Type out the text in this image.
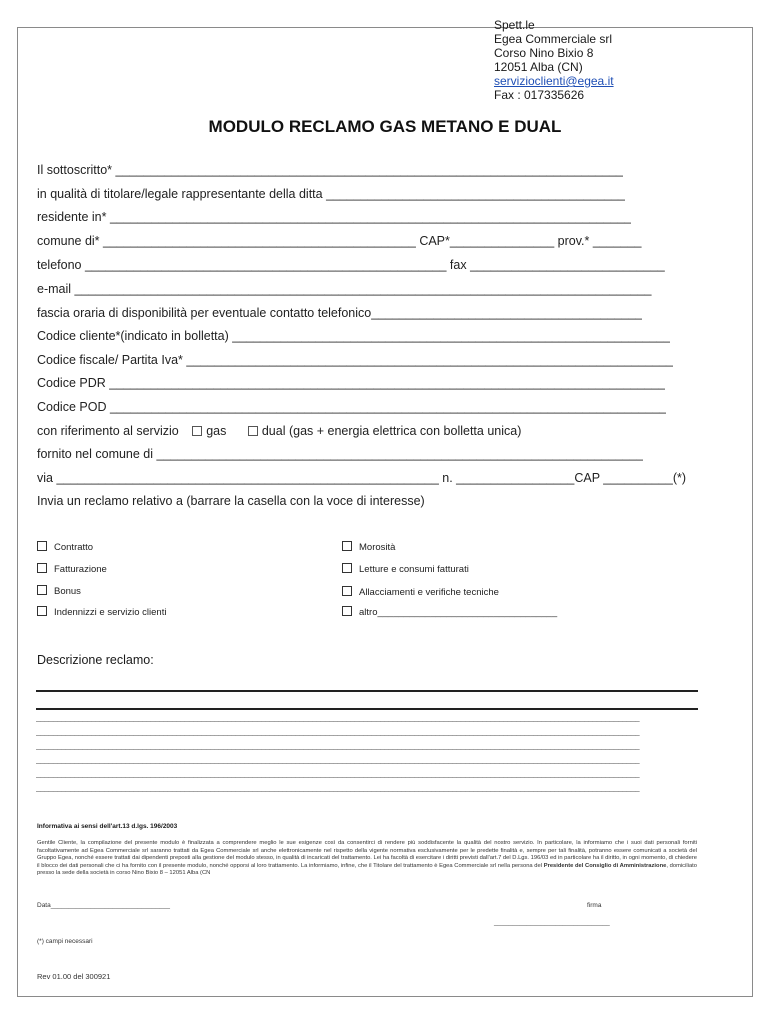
Spett.le
Egea Commerciale srl
Corso Nino Bixio 8
12051 Alba (CN)
servizioclienti@egea.it
Fax : 017335626
MODULO RECLAMO GAS METANO E DUAL
Il sottoscritto* _________________________________________________________________________
in qualità di titolare/legale rappresentante della ditta ___________________________________________
residente in* ___________________________________________________________________________
comune di* _____________________________________________ CAP*_______________ prov.* _______
telefono ____________________________________________________ fax ____________________________
e-mail ___________________________________________________________________________________
fascia oraria di disponibilità per eventuale contatto telefonico_______________________________________
Codice cliente*(indicato in bolletta) _______________________________________________________________
Codice fiscale/ Partita Iva* ______________________________________________________________________
Codice PDR ________________________________________________________________________________
Codice POD ________________________________________________________________________________
con riferimento al servizio gas	dual (gas + energia elettrica con bolletta unica)
fornito nel comune di ______________________________________________________________________
via _______________________________________________________ n. _________________CAP __________(*)
Invia un reclamo relativo a (barrare la casella con la voce di interesse)
Contratto
Fatturazione
Bonus
Indennizzi e servizio clienti
Morosità
Letture e consumi fatturati
Allacciamenti e verifiche tecniche
altro__________________________________
Descrizione reclamo:
______________________________________________________________________________________________________________________________________________
______________________________________________________________________________________________________________________________________________
______________________________________________________________________________________________________________________________________________
______________________________________________________________________________________________________________________________________________
______________________________________________________________________________________________________________________________________________
______________________________________________________________________________________________________________________________________________
Informativa ai sensi dell'art.13 d.lgs. 196/2003
Gentile Cliente, la compilazione del presente modulo è finalizzata a comprendere meglio le sue esigenze così da consentirci di rendere più soddisfacente la qualità del nostro servizio. In particolare, la informiamo che i suoi dati personali forniti facoltativamente ad Egea Commerciale srl saranno trattati da Egea Commerciale srl anche elettronicamente nel rispetto della vigente normativa esclusivamente per le predette finalità e, sempre per tali finalità, potranno essere comunicati a società del Gruppo Egea, nonché essere trattati dai dipendenti preposti alla gestione del modulo stesso, in qualità di incaricati del trattamento. Lei ha facoltà di esercitare i diritti previsti dall'art.7 del D.Lgs. 196/03 ed in particolare ha il diritto, in ogni momento, di chiedere il blocco dei dati personali che ci ha fornito con il presente modulo, nonché opporsi al loro trattamento. La informiamo, infine, che il Titolare del trattamento è Egea Commerciale srl nella persona del Presidente del Consiglio di Amministrazione, domiciliato presso la sede della società in corso Nino Bixio 8 – 12051 Alba (CN
Data_________________________________	firma
________________________________
(*) campi necessari
Rev 01.00 del 300921
